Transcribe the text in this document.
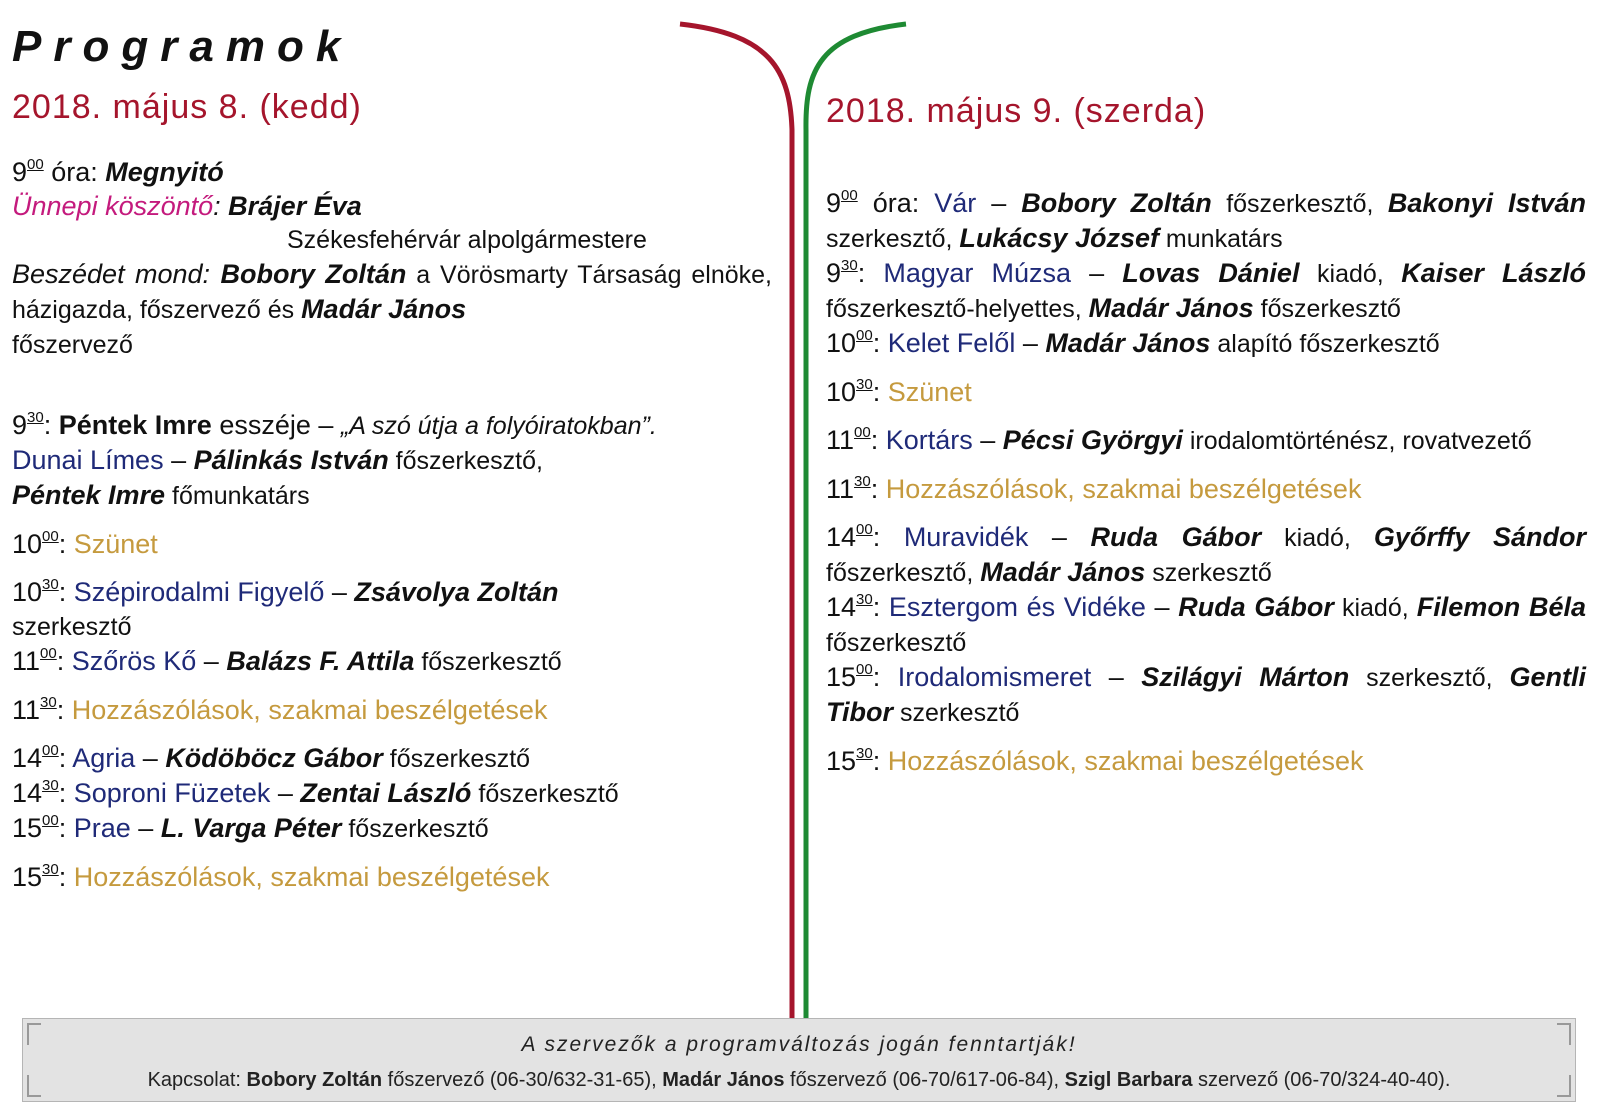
Programok
2018. május 8. (kedd)	2018. május 9. (szerda)
$9^{00}$ óra: Megnyitó
Ünnepi köszöntő: Brájer Éva
Székesfehérvár alpolgármestere
Beszédet mond: Bobory Zoltán a Vörösmarty Társaság elnöke, házigazda, főszervező és Madár János
főszervező
$9^{30}$: Péntek Imre esszéje – „A szó útja a folyóiratokban”.
Dunai Límes – Pálinkás István főszerkesztő,
Péntek Imre főmunkatárs
$10^{00}$: Szünet
$10^{30}$: Szépirodalmi Figyelő – Zsávolya Zoltán
szerkesztő
$11^{00}$: Szőrös Kő – Balázs F. Attila főszerkesztő
$11^{30}$: Hozzászólások, szakmai beszélgetések
$14^{00}$: Agria – Ködöböcz Gábor főszerkesztő
$14^{30}$: Soproni Füzetek – Zentai László főszerkesztő
$15^{00}$: Prae – L. Varga Péter főszerkesztő
$15^{30}$: Hozzászólások, szakmai beszélgetések
$9^{00}$ óra: Vár – Bobory Zoltán főszerkesztő, Bakonyi István szerkesztő, Lukácsy József munkatárs
$9^{30}$: Magyar Múzsa – Lovas Dániel kiadó, Kaiser László főszerkesztő-helyettes, Madár János főszerkesztő
$10^{00}$: Kelet Felől – Madár János alapító főszerkesztő
$10^{30}$: Szünet
$11^{00}$: Kortárs – Pécsi Györgyi irodalomtörténész, rovatvezető
$11^{30}$: Hozzászólások, szakmai beszélgetések
$14^{00}$: Muravidék – Ruda Gábor kiadó, Győrffy Sándor főszerkesztő, Madár János szerkesztő
$14^{30}$: Esztergom és Vidéke – Ruda Gábor kiadó, Filemon Béla főszerkesztő
$15^{00}$: Irodalomismeret – Szilágyi Márton szerkesztő, Gentli Tibor szerkesztő
$15^{30}$: Hozzászólások, szakmai beszélgetések
A szervezők a programváltozás jogán fenntartják!
Kapcsolat: Bobory Zoltán főszervező (06-30/632-31-65), Madár János főszervező (06-70/617-06-84), Szigl Barbara szervező (06-70/324-40-40).
